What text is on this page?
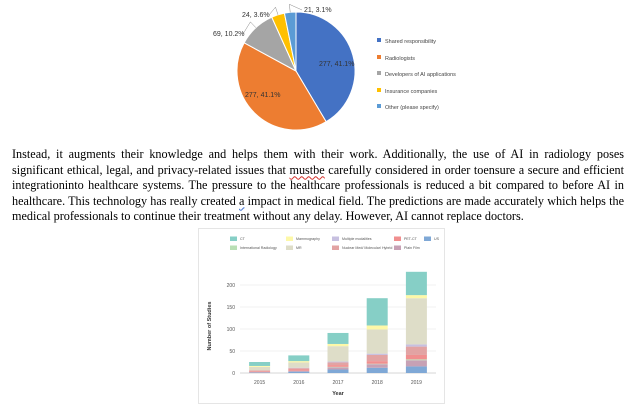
277, 41.1%
277, 41.1%
69, 10.2%
24, 3.6%
21, 3.1%
Shared responsibility
Radiologists
Developers of AI applications
Insurance companies
Other (please specify)

Instead, it augments their knowledge and helps them with their work. Additionally, the use of AI in radiology poses significant ethical, legal, and privacy-related issues that mustbe carefully considered in order toensure a secure and efficient integrationinto healthcare systems. The pressure to the healthcare professionals is reduced a bit compared to before AI in healthcare. This technology has really created a impact in medical field. The predictions are made accurately which helps the medical professionals to continue their treatment without any delay. However, AI cannot replace doctors.

CT	Mammography	Multiple modalities	PET-CT	US
International Radiology	MR	Nuclear Med/ Molecular/ Hybrid	Plain Film
0
50
100
150
200
2015	2016	2017	2018	2019
Year
Number of Studies
